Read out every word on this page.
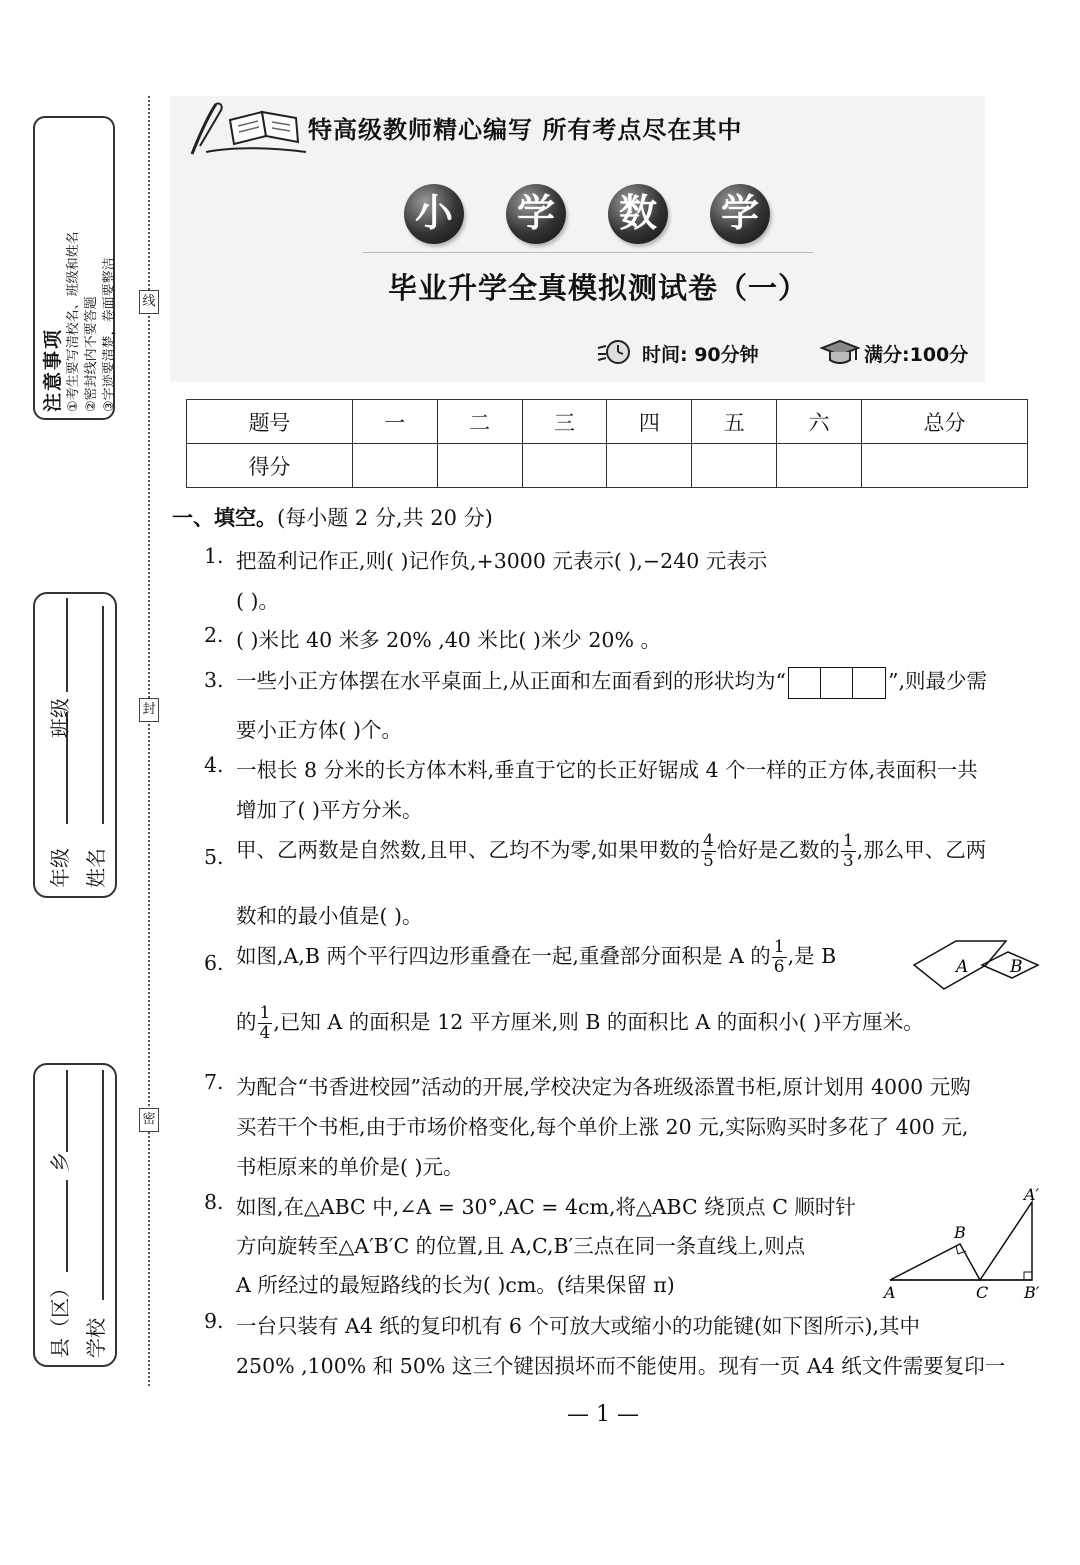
注意事项 ①考生要写清校名、班级和姓名 ②密封线内不要答题 ③字迹要清楚，卷面要整洁
年级
班级
姓名
县（区）
乡
学校
线
封
密
特高级教师精心编写 所有考点尽在其中
小 学 数 学
毕业升学全真模拟测试卷（一）
时间: 90分钟	满分:100分
题号	一	二	三	四	五	六	总分
得分							
一、填空。(每小题 2 分,共 20 分)
1. 把盈利记作正,则( )记作负,+3000 元表示( ),−240 元表示
( )。
2. ( )米比 40 米多 20% ,40 米比( )米少 20% 。
3. 一些小正方体摆在水平桌面上,从正面和左面看到的形状均为“	”,则最少需
要小正方体( )个。
4. 一根长 8 分米的长方体木料,垂直于它的长正好锯成 4 个一样的正方体,表面积一共
增加了( )平方分米。
5. 甲、乙两数是自然数,且甲、乙均不为零,如果甲数的 $\frac{4}{5}$ 恰好是乙数的 $\frac{1}{3}$ ,那么甲、乙两
数和的最小值是( )。
6. 如图,A,B 两个平行四边形重叠在一起,重叠部分面积是 A 的 $\frac{1}{6}$ ,是 B	A B
的 $\frac{1}{4}$ ,已知 A 的面积是 12 平方厘米,则 B 的面积比 A 的面积小( )平方厘米。
7. 为配合“书香进校园”活动的开展,学校决定为各班级添置书柜,原计划用 4000 元购
买若干个书柜,由于市场价格变化,每个单价上涨 20 元,实际购买时多花了 400 元,
书柜原来的单价是( )元。
8. 如图,在△ABC 中,∠A = 30°,AC = 4cm,将△ABC 绕顶点 C 顺时针
方向旋转至△A′B′C 的位置,且 A,C,B′三点在同一条直线上,则点
A 所经过的最短路线的长为( )cm。(结果保留 π)
A′
B
A	C B′
9. 一台只装有 A4 纸的复印机有 6 个可放大或缩小的功能键(如下图所示),其中
250% ,100% 和 50% 这三个键因损坏而不能使用。现有一页 A4 纸文件需要复印一
— 1 —
